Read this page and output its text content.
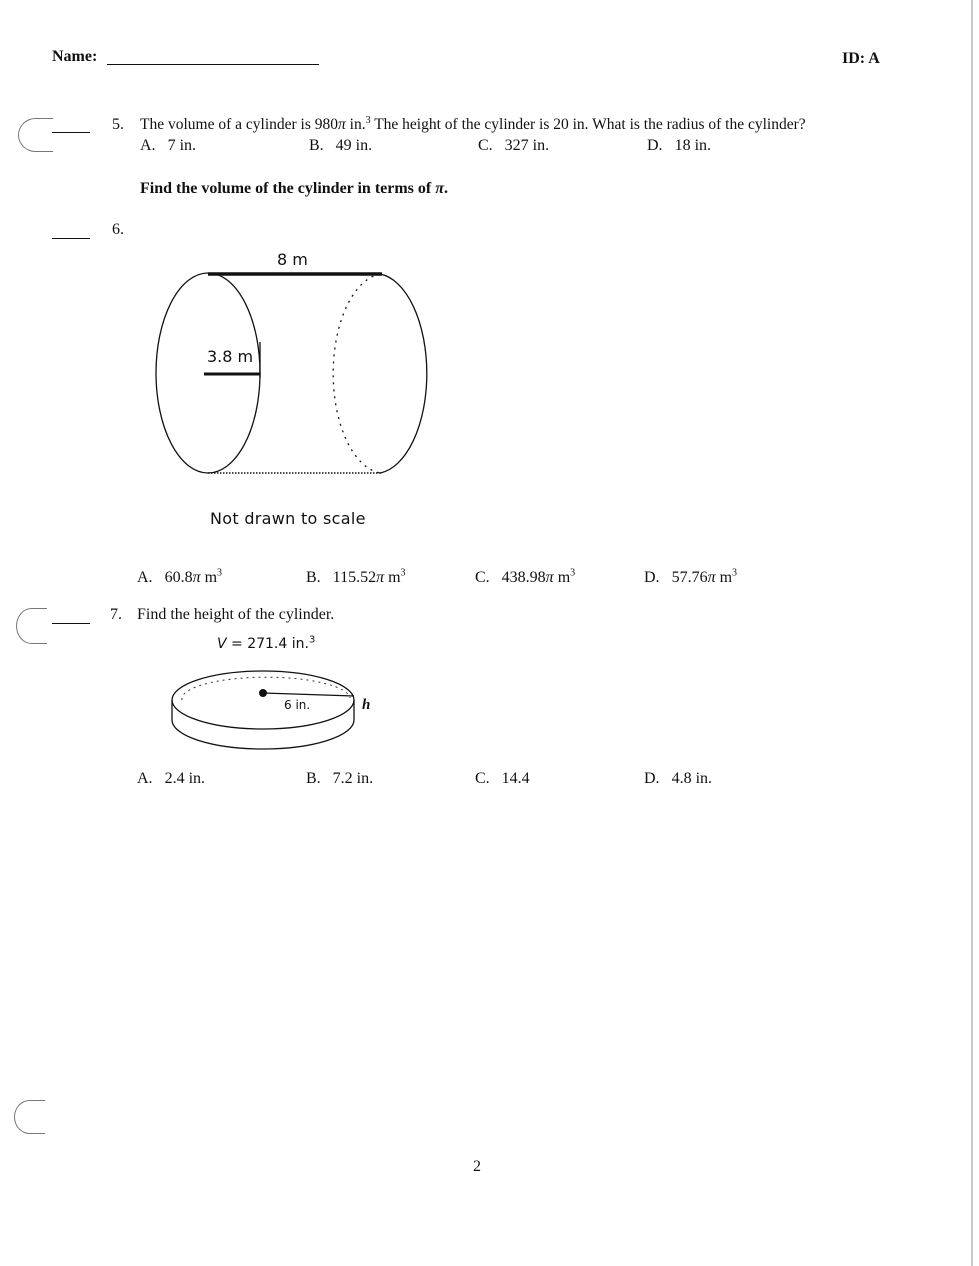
Name:	ID: A
5. The volume of a cylinder is 980π in.$^3$ The height of the cylinder is 20 in. What is the radius of the cylinder?
A. 7 in.	B. 49 in.	C. 327 in.	D. 18 in.
Find the volume of the cylinder in terms of π.
6.
8 m
3.8 m
Not drawn to scale
A. 60.8π $m^3$	B. 115.52π $m^3$	C. 438.98π $m^3$	D. 57.76π $m^3$
7. Find the height of the cylinder.
V = 271.4 in.$^3$
6 in.	h
A. 2.4 in.	B. 7.2 in.	C. 14.4	D. 4.8 in.
2
